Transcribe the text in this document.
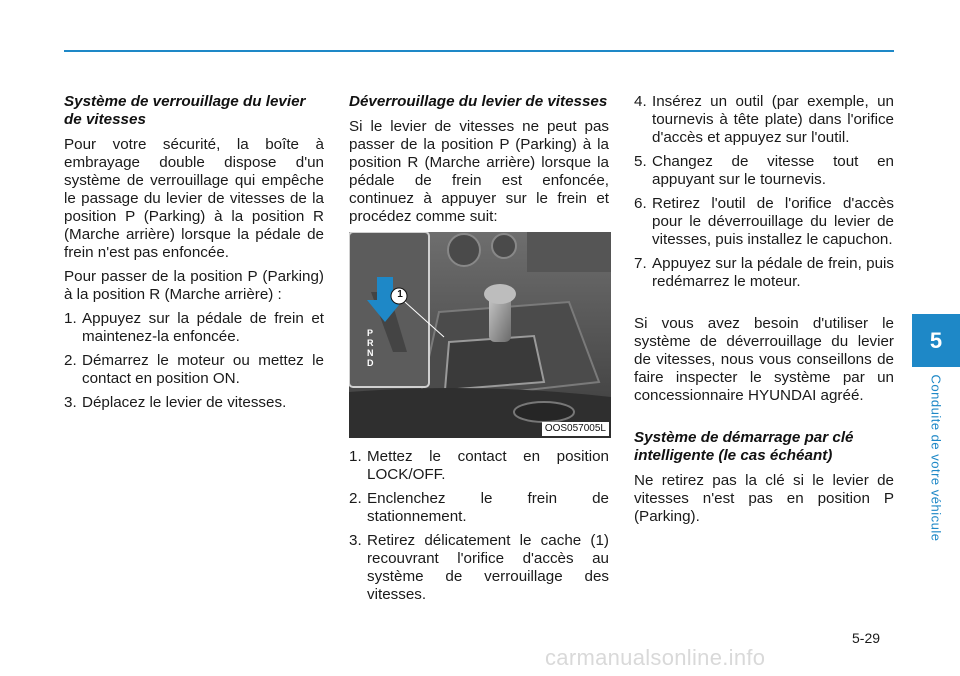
Système de verrouillage du levier de vitesses

Pour votre sécurité, la boîte à embrayage double dispose d'un système de verrouillage qui empêche le passage du levier de vitesses de la position P (Parking) à la position R (Marche arrière) lorsque la pédale de frein n'est pas enfoncée.

Pour passer de la position P (Parking) à la position R (Marche arrière) :

1. Appuyez sur la pédale de frein et maintenez-la enfoncée.
2. Démarrez le moteur ou mettez le contact en position ON.
3. Déplacez le levier de vitesses.
Déverrouillage du levier de vitesses

Si le levier de vitesses ne peut pas passer de la position P (Parking) à la position R (Marche arrière) lorsque la pédale de frein est enfoncée, continuez à appuyer sur le frein et procédez comme suit:

1
P R N D
OOS057005L
1. Mettez le contact en position LOCK/OFF.
2. Enclenchez le frein de stationnement.
3. Retirez délicatement le cache (1) recouvrant l'orifice d'accès au système de verrouillage des vitesses.
4. Insérez un outil (par exemple, un tournevis à tête plate) dans l'orifice d'accès et appuyez sur l'outil.
5. Changez de vitesse tout en appuyant sur le tournevis.
6. Retirez l'outil de l'orifice d'accès pour le déverrouillage du levier de vitesses, puis installez le capuchon.
7. Appuyez sur la pédale de frein, puis redémarrez le moteur.

Si vous avez besoin d'utiliser le système de déverrouillage du levier de vitesses, nous vous conseillons de faire inspecter le système par un concessionnaire HYUNDAI agréé.

Système de démarrage par clé intelligente (le cas échéant)

Ne retirez pas la clé si le levier de vitesses n'est pas en position P (Parking).

5
Conduite de votre véhicule
5-29
carmanualsonline.info
